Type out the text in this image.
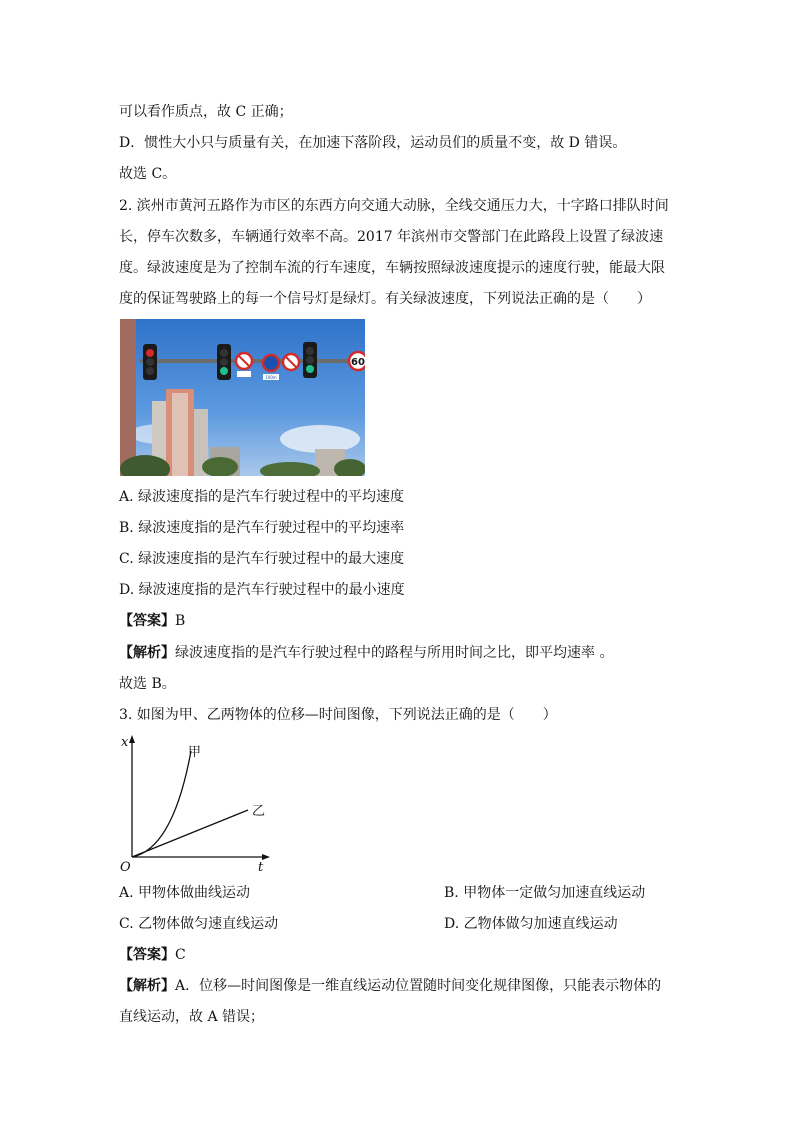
可以看作质点，故 C 正确；
D．惯性大小只与质量有关，在加速下落阶段，运动员们的质量不变，故 D 错误。
故选 C。
2. 滨州市黄河五路作为市区的东西方向交通大动脉，全线交通压力大，十字路口排队时间
长，停车次数多，车辆通行效率不高。2017 年滨州市交警部门在此路段上设置了绿波速
度。绿波速度是为了控制车流的行车速度，车辆按照绿波速度提示的速度行驶，能最大限
度的保证驾驶路上的每一个信号灯是绿灯。有关绿波速度，下列说法正确的是（　　）
100m
60
A. 绿波速度指的是汽车行驶过程中的平均速度
B. 绿波速度指的是汽车行驶过程中的平均速率
C. 绿波速度指的是汽车行驶过程中的最大速度
D. 绿波速度指的是汽车行驶过程中的最小速度
【答案】B
【解析】绿波速度指的是汽车行驶过程中的路程与所用时间之比，即平均速率 。
故选 B。
3. 如图为甲、乙两物体的位移—时间图像，下列说法正确的是（　　）
x
t
O
甲
乙
A. 甲物体做曲线运动	B. 甲物体一定做匀加速直线运动
C. 乙物体做匀速直线运动	D. 乙物体做匀加速直线运动
【答案】C
【解析】A．位移—时间图像是一维直线运动位置随时间变化规律图像，只能表示物体的
直线运动，故 A 错误；
